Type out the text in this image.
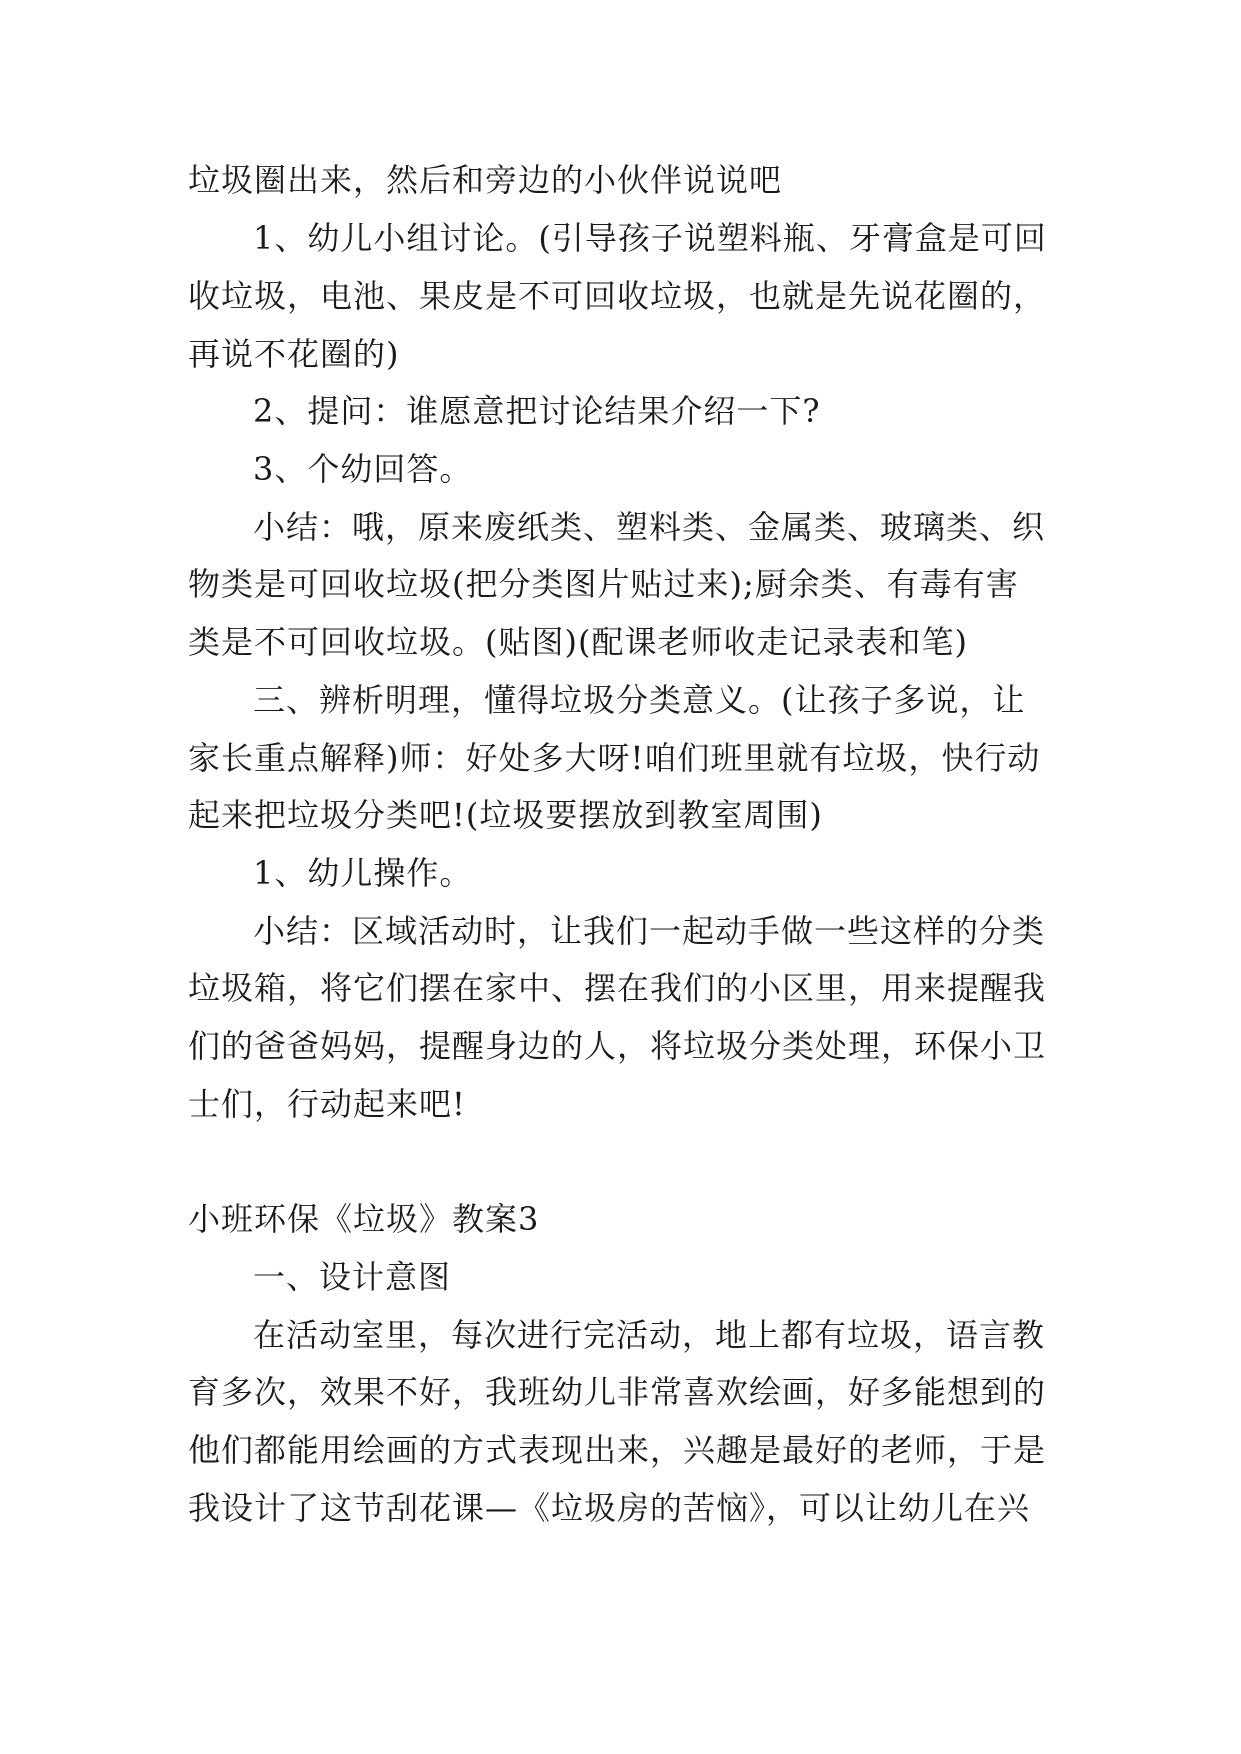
垃圾圈出来，然后和旁边的小伙伴说说吧
1、幼儿小组讨论。(引导孩子说塑料瓶、牙膏盒是可回
收垃圾，电池、果皮是不可回收垃圾，也就是先说花圈的，
再说不花圈的)
2、提问：谁愿意把讨论结果介绍一下?
3、个幼回答。
小结：哦，原来废纸类、塑料类、金属类、玻璃类、织
物类是可回收垃圾(把分类图片贴过来);厨余类、有毒有害
类是不可回收垃圾。(贴图)(配课老师收走记录表和笔)
三、辨析明理，懂得垃圾分类意义。(让孩子多说，让
家长重点解释)师：好处多大呀!咱们班里就有垃圾，快行动
起来把垃圾分类吧!(垃圾要摆放到教室周围)
1、幼儿操作。
小结：区域活动时，让我们一起动手做一些这样的分类
垃圾箱，将它们摆在家中、摆在我们的小区里，用来提醒我
们的爸爸妈妈，提醒身边的人，将垃圾分类处理，环保小卫
士们，行动起来吧!
小班环保《垃圾》教案3
一、设计意图
在活动室里，每次进行完活动，地上都有垃圾，语言教
育多次，效果不好，我班幼儿非常喜欢绘画，好多能想到的
他们都能用绘画的方式表现出来，兴趣是最好的老师，于是
我设计了这节刮花课—《垃圾房的苦恼》，可以让幼儿在兴
